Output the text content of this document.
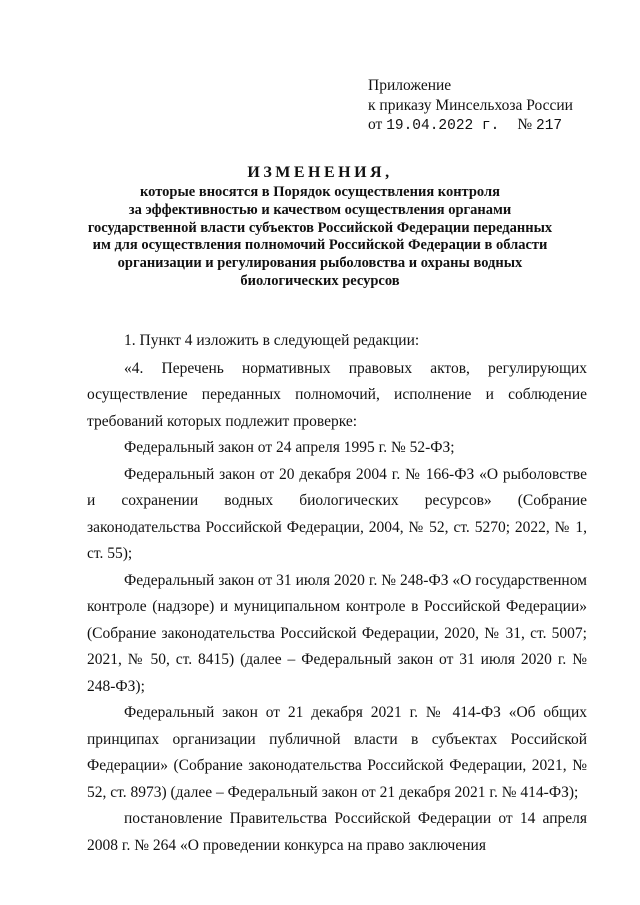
Приложение
к приказу Минсельхоза России
от 19.04.2022 г. № 217
ИЗМЕНЕНИЯ,
которые вносятся в Порядок осуществления контроля
за эффективностью и качеством осуществления органами
государственной власти субъектов Российской Федерации переданных
им для осуществления полномочий Российской Федерации в области
организации и регулирования рыболовства и охраны водных
биологических ресурсов

1. Пункт 4 изложить в следующей редакции:

«4. Перечень нормативных правовых актов, регулирующих осуществление переданных полномочий, исполнение и соблюдение требований которых подлежит проверке:

Федеральный закон от 24 апреля 1995 г. № 52-ФЗ;

Федеральный закон от 20 декабря 2004 г. № 166-ФЗ «О рыболовстве и сохранении водных биологических ресурсов» (Собрание законодательства Российской Федерации, 2004, № 52, ст. 5270; 2022, № 1, ст. 55);

Федеральный закон от 31 июля 2020 г. № 248-ФЗ «О государственном контроле (надзоре) и муниципальном контроле в Российской Федерации» (Собрание законодательства Российской Федерации, 2020, № 31, ст. 5007; 2021, № 50, ст. 8415) (далее – Федеральный закон от 31 июля 2020 г. № 248-ФЗ);

Федеральный закон от 21 декабря 2021 г. № 414-ФЗ «Об общих принципах организации публичной власти в субъектах Российской Федерации» (Собрание законодательства Российской Федерации, 2021, № 52, ст. 8973) (далее – Федеральный закон от 21 декабря 2021 г. № 414-ФЗ);

постановление Правительства Российской Федерации от 14 апреля 2008 г. № 264 «О проведении конкурса на право заключения
